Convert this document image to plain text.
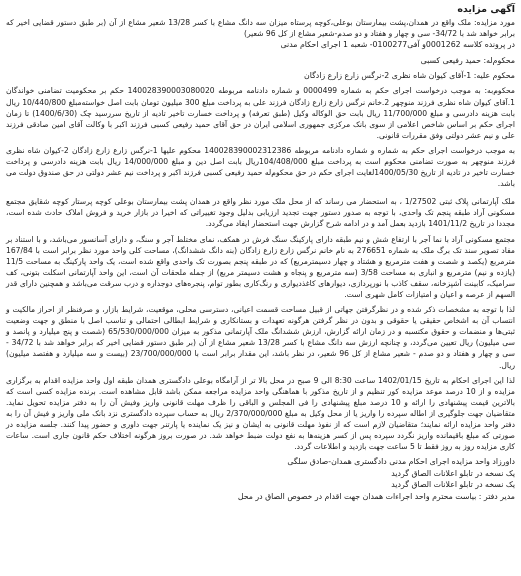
آگهی مزایده
مورد مزایده: ملک واقع در همدان،پشت بیمارستان بوعلی،کوچه پرستاه میزان سه دانگ مشاع با کسر 13/28 شعیر مشاع از آن (بر طبق دستور قضایی اخیر که برابر خواهد شد با 34/72- سی و چهار و هفتاد و دو صدم-شعیر مشاع از کل 96 شعیر)
در پرونده کلاسه 0001262و آفی0100277- شعبه 1 اجرای احکام مدنی
محکوم‌له: حمید رفیعی کسبی
محکوم علیه: 1-آقای کیوان شاه نظری 2-نرگس زارع زارع زادگان
محکوم‌به: به موجب درخواست اجرای حکم به شماره 0000499 و شماره دادنامه مربوطه 140028390003080020 حکم بر محکومیت تضامنی خواندگان 1.آقای کیوان شاه نظری فرزند منوچهر 2.خانم نرگس زارع زارع زادگان فرزند علی به پرداخت مبلغ 300 میلیون تومان بابت اصل خواسته‌مبلغ 10/440/800 ریال بابت هزینه دادرسی و مبلغ 11/700/000 ریال بابت حق الوکاله وکیل (طبق تعرفه) و پرداخت خسارت تاخیر تادیه از تاریخ سررسید چک (1400/6/30) تا زمان اجرای حکم بر اساس شاخص اعلامی از سوی بانک مرکزی جمهوری اسلامی ایران در حق آقای حمید رفیعی کسبی فرزند اکبر با وکالت آقای امین صادقی فرزند علی و نیم عشر دولتی وفق مقررات قانونی.
به موجب درخواست اجرای حکم به شماره و شماره دادنامه مربوطه 140028390002312386 محکوم علیها 1-نرگس زارع زارع زادگان 2-کیوان شاه نظری فرزند منوچهر به صورت تضامنی محکوم است به پرداخت مبلغ 104/408/000ریال بابت اصل دین و مبلغ 14/000/000 ریال بابت هزینه دادرسی و پرداخت خسارت تاخیر در تادیه از تاریخ 1400/05/30لغایت اجرای حکم در حق محکوم‌له حمید رفیعی کسبی فرزند اکبر و پرداخت نیم عشر دولتی در حق صندوق دولت می باشد.
ملک آپارتمانی پلاک ثبتی 1/27502 ، به استحضار می رساند که از محل ملک مورد نظر واقع در همدان پشت بیمارستان بوعلی کوچه پرستار کوچه شقایق مجتمع مسکونی آراد طبقه پنجم تک واحدی، با توجه به صدور دستور جهت تجدید ارزیابی بدلیل وجود تغییراتی که اخیرا در بازار خرید و فروش املاک حادث شده است، مجددا در تاریخ 1401/11/2 بازدید بعمل آمد و در ادامه شرح گزارش جهت استحضار ایفاد می‌گردد.
مجتمع مسکونی آراد با نما آجر با ارتفاع شش و نیم طبقه دارای پارکینگ سنگ فرش در همکف، نمای مختلط آجر و سنگ، و دارای آسانسور می‌باشد، و با استناد بر مفاد تصویر سند تک برگ ملک به شماره 276651 به نام خانم نرگس زارع زارع زادگان (بنه دانگ ششدانگ)، مساحت کلی واحد مورد نظر برابر است با 167/84 مترمربع (یکصد و شصت و هفت مترمربع و هشتاد و چهار دسیمترمربع) که در طبقه پنجم بصورت تک واحدی واقع شده است، یک واحد پارکینگ به مساحت 11/5 (یازده و نیم) مترمربع و انباری به مساحت 3/58 (سه مترمربع و پنجاه و هشت دسیمتر مربع) از جمله ملحقات آن است، این واحد آپارتمانی اسکلت بتونی، کف سرامیک، کابینت آشپزخانه، سقف کاذب با نورپردازی، دیوارهای کاغذدیواری و رنگ‌کاری بطور توام، پنجره‌های دوجداره و درب سرقت می‌باشد و همچنین دارای قدر السهم از عرصه و اعیان و امتیازات کامل شهری است.
لذا با توجه به مشخصات ذکر شده و در نظرگرفتن جهاتی از قبیل مساحت قسمت اعیانی، دسترسی محلی، موقعیت، شرایط بازار، و صرفنظر از احراز مالکیت و انتساب آن به اشخاص حقیقی یا حقوقی و بدون در نظر گرفتن هرگونه تعهدات و بستانکاری و شرایط ابطالی احتمالی و تناسب اصل با منطق و جهت وضعیت ثبتی‌ها و منضمات و حقوق مکتسبه و در زمان ارائه گزارش، ارزش ششدانگ ملک آپارتمانی مذکور به میزان 65/530/000/000 (شصت و پنج میلیارد و پانصد و سی میلیون) ریال تعیین می‌گردد، و چنانچه ارزش سه دانگ مشاع با کسر 13/28 شعیر مشاع از آن (بر طبق دستور قضایی اخیر که برابر خواهد شد با 34/72 - سی و چهار و هفتاد و دو صدم - شعیر مشاع از کل 96 شعیر، در نظر باشد، این مقدار برابر است با 23/700/000/000 (بیست و سه میلیارد و هفتصد میلیون) ریال.
لذا این اجرای احکام به تاریخ 1402/01/15 ساعت 8:30 الی 9 صبح در محل بالا تر از آرامگاه بوعلی دادگستری همدان طبقه اول واحد مزایده اقدام به برگزاری مزایده و از 10 درصد موعد مزایده کور تنظیم و از تاریخ مذکور با هماهنگی واحد مزایده مراجعه ممکن باشد قابل مشاهده است. برنده مزایده کسی است که بالاترین قیمت پیشنهادی را ارائه و 10 درصد مبلغ پیشنهادی را فی المجلس و الباقی را ظرف مهلت قانونی واریز وفیش آن را به دفتر مزایده تحویل نماید. متقاضیان جهت جلوگیری از اطاله سپرده را واریز یا از محل وکیل به مبلغ 2/370/000/000 ریال به حساب سپرده دادگستری نزد بانک ملی واریز و فیش آن را به دفتر واحد مزایده ارائه نمایند؛ متقاضیان لازم است که از نفوذ مهلت قانونی به ایشان و نیز یک نماینده یا پارتنر جهت داوری و حضور پیدا کنند. جلسه مزایده در صورتی که مبلغ باقیمانده واریز نگردد سپرده پس از کسر هزینه‌ها به نفع دولت ضبط خواهد شد. در صورت بروز هرگونه اختلاف حکم قانون جاری است. ساعات کاری مزایده روز به روز فقط تا 5 ساعت جهت بازدید و اطلاعات گردد.
داورزاد واحد مزایده اجرای احکام مدنی دادگستری همدان-صادق سلگی
یک نسخه در تابلو اعلانات الصاق گردید
یک نسخه در تابلو اعلانات الصاق گردید
مدیر دفتر : بیاست محترم واحد اجراءات همدان جهت اقدام در خصوص الصاق در محل
